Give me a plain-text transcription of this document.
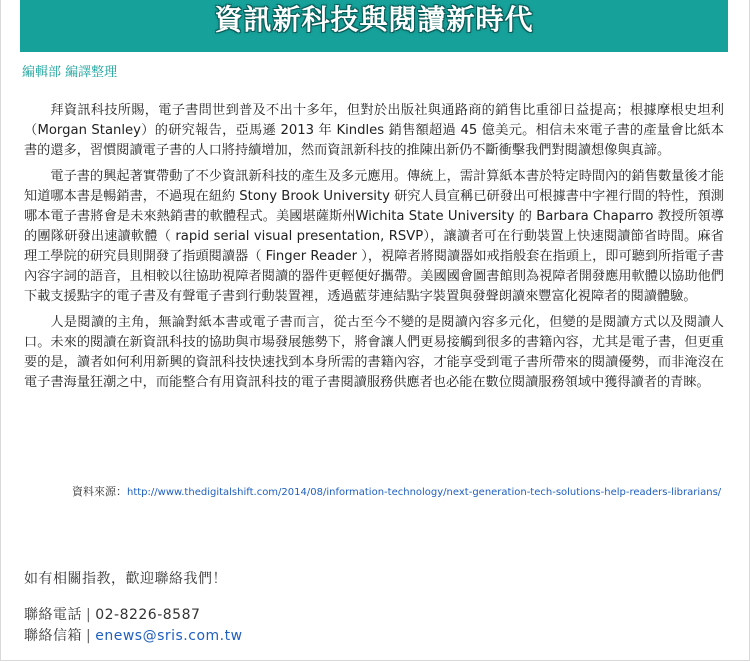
資訊新科技與閱讀新時代
編輯部 編譯整理

拜資訊科技所賜，電子書問世到普及不出十多年，但對於出版社與通路商的銷售比重卻日益提高；根據摩根史坦利（Morgan Stanley）的研究報告，亞馬遜 2013 年 Kindles 銷售額超過 45 億美元。相信未來電子書的產量會比紙本書的還多，習慣閱讀電子書的人口將持續增加，然而資訊新科技的推陳出新仍不斷衝擊我們對閱讀想像與真諦。

電子書的興起著實帶動了不少資訊新科技的產生及多元應用。傳統上，需計算紙本書於特定時間內的銷售數量後才能知道哪本書是暢銷書，不過現在紐約 Stony Brook University 研究人員宣稱已研發出可根據書中字裡行間的特性，預測哪本電子書將會是未來熱銷書的軟體程式。美國堪薩斯州Wichita State University 的 Barbara Chaparro 教授所領導的團隊研發出速讀軟體（ rapid serial visual presentation, RSVP），讓讀者可在行動裝置上快速閱讀節省時間。麻省理工學院的研究員則開發了指頭閱讀器（ Finger Reader ），視障者將閱讀器如戒指般套在指頭上，即可聽到所指電子書內容字詞的語音，且相較以往協助視障者閱讀的器件更輕便好攜帶。美國國會圖書館則為視障者開發應用軟體以協助他們下載支援點字的電子書及有聲電子書到行動裝置裡，透過藍芽連結點字裝置與發聲朗讀來豐富化視障者的閱讀體驗。

人是閱讀的主角，無論對紙本書或電子書而言，從古至今不變的是閱讀內容多元化，但變的是閱讀方式以及閱讀人口。未來的閱讀在新資訊科技的協助與市場發展態勢下，將會讓人們更易接觸到很多的書籍內容，尤其是電子書，但更重要的是，讀者如何利用新興的資訊科技快速找到本身所需的書籍內容，才能享受到電子書所帶來的閱讀優勢，而非淹沒在電子書海量狂潮之中，而能整合有用資訊科技的電子書閱讀服務供應者也必能在數位閱讀服務領域中獲得讀者的青睞。

資料來源：http://www.thedigitalshift.com/2014/08/information-technology/next-generation-tech-solutions-help-readers-librarians/
如有相關指教，歡迎聯絡我們！
聯絡電話 | 02-8226-8587
聯絡信箱 | enews@sris.com.tw
